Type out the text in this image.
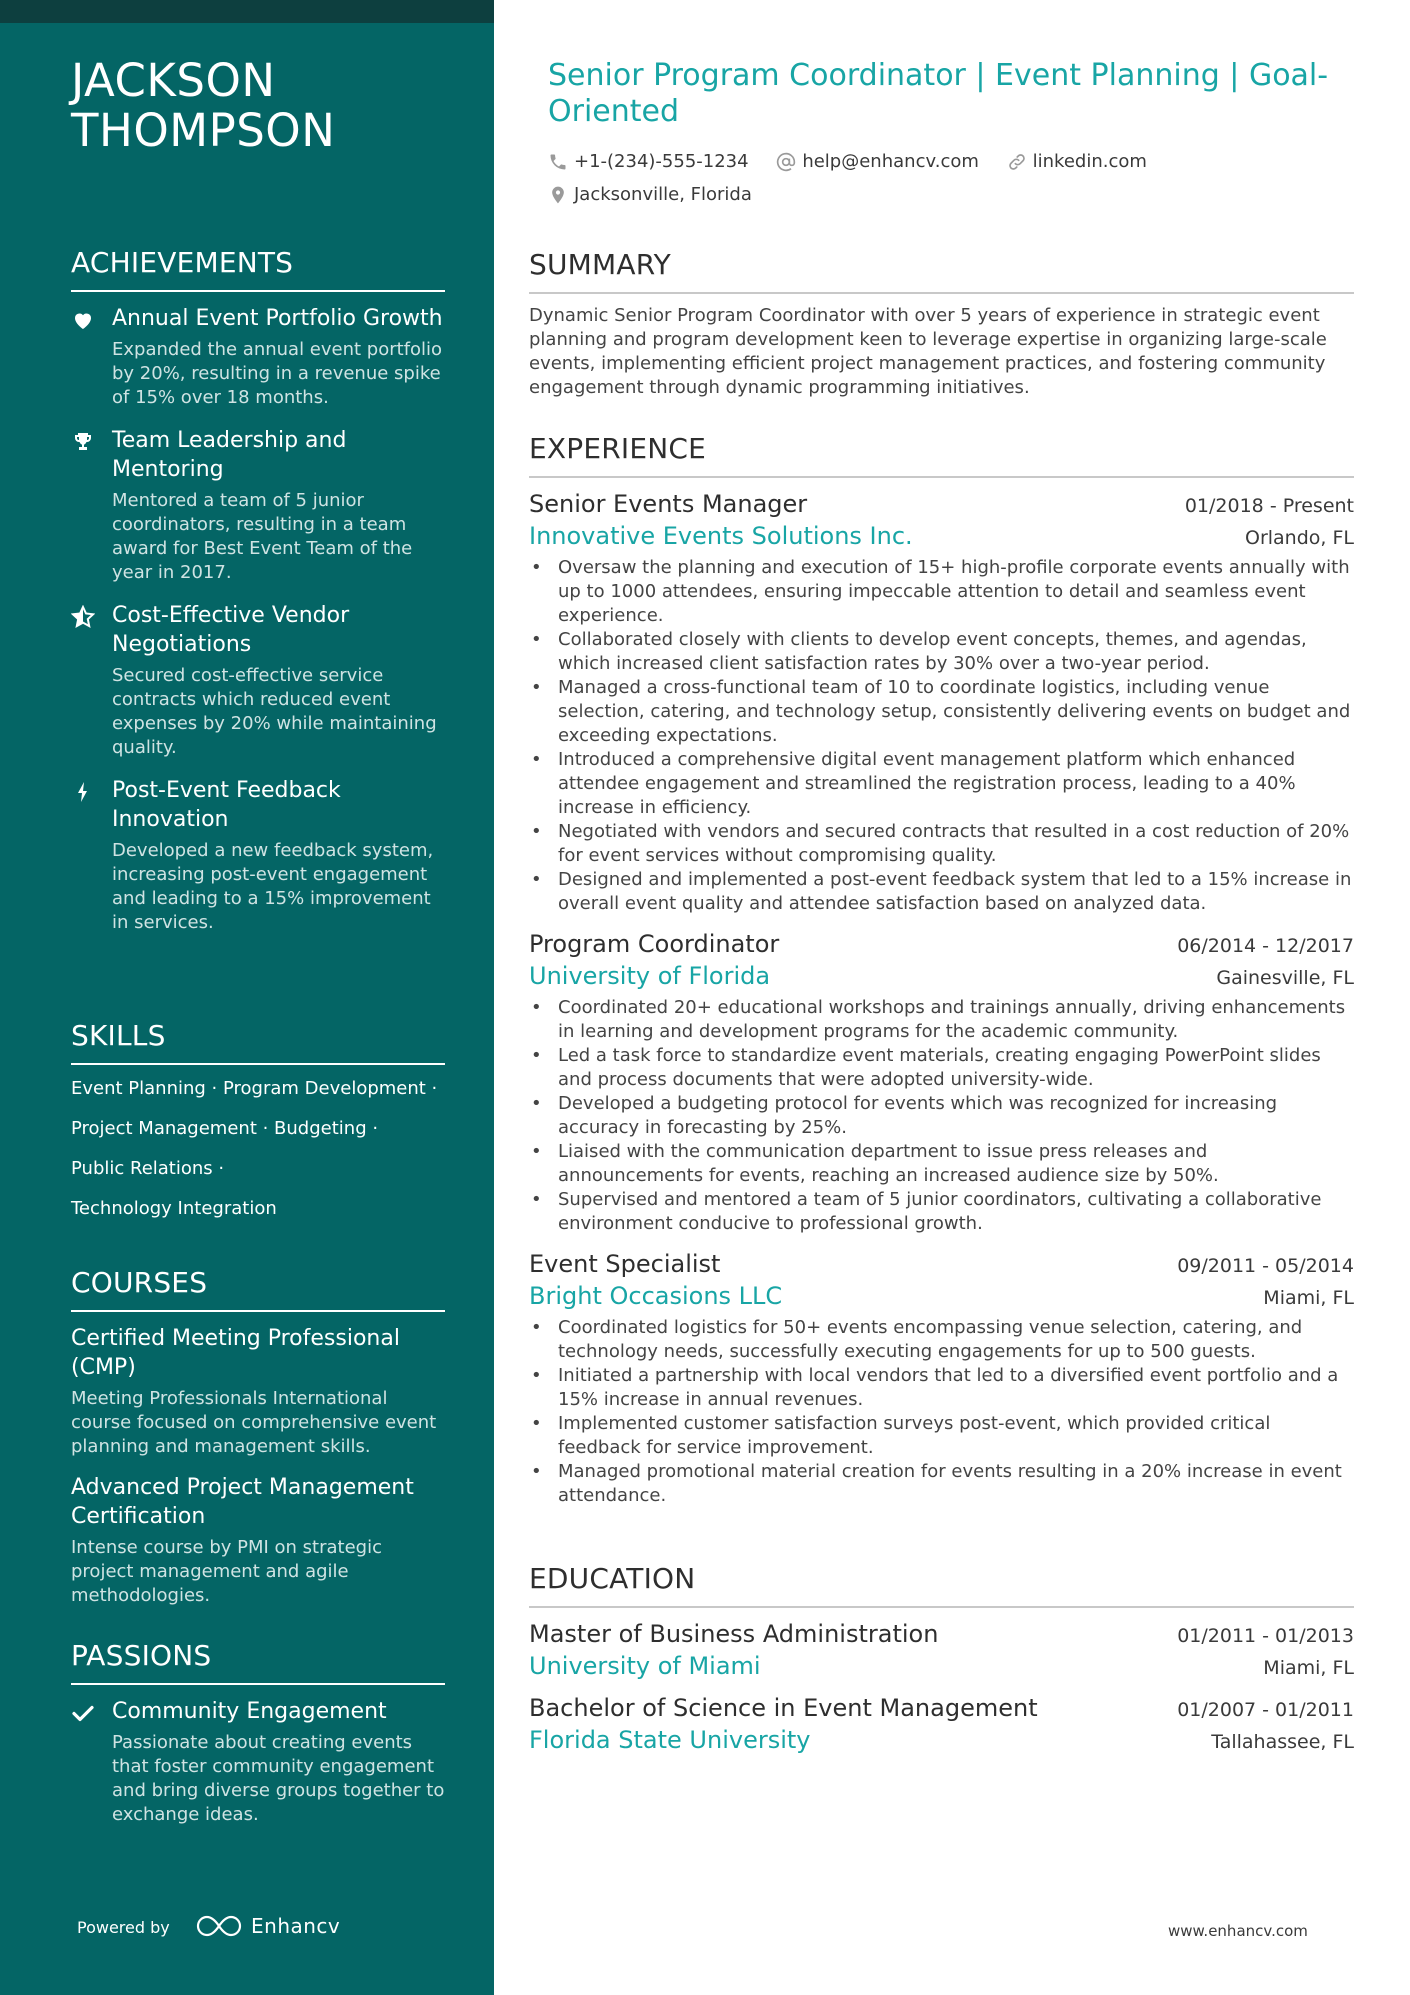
JACKSON
THOMPSON
ACHIEVEMENTS
Annual Event Portfolio Growth
Expanded the annual event portfolio by 20%, resulting in a revenue spike of 15% over 18 months.
Team Leadership and Mentoring
Mentored a team of 5 junior coordinators, resulting in a team award for Best Event Team of the year in 2017.
Cost-Effective Vendor Negotiations
Secured cost-effective service contracts which reduced event expenses by 20% while maintaining quality.
Post-Event Feedback Innovation
Developed a new feedback system, increasing post-event engagement and leading to a 15% improvement in services.
SKILLS
Event Planning · Program Development ·
Project Management · Budgeting ·
Public Relations ·
Technology Integration
COURSES
Certified Meeting Professional (CMP)
Meeting Professionals International course focused on comprehensive event planning and management skills.
Advanced Project Management Certification
Intense course by PMI on strategic project management and agile methodologies.
PASSIONS
Community Engagement
Passionate about creating events that foster community engagement and bring diverse groups together to exchange ideas.
Powered by	Enhancv
Senior Program Coordinator | Event Planning | Goal-Oriented
+1-(234)-555-1234
	help@enhancv.com
	linkedin.com

Jacksonville, Florida
SUMMARY
Dynamic Senior Program Coordinator with over 5 years of experience in strategic event planning and program development keen to leverage expertise in organizing large-scale events, implementing efficient project management practices, and fostering community engagement through dynamic programming initiatives.
EXPERIENCE
Senior Events Manager	01/2018 - Present
Innovative Events Solutions Inc.	Orlando, FL
• Oversaw the planning and execution of 15+ high-profile corporate events annually with up to 1000 attendees, ensuring impeccable attention to detail and seamless event experience.
• Collaborated closely with clients to develop event concepts, themes, and agendas, which increased client satisfaction rates by 30% over a two-year period.
• Managed a cross-functional team of 10 to coordinate logistics, including venue selection, catering, and technology setup, consistently delivering events on budget and exceeding expectations.
• Introduced a comprehensive digital event management platform which enhanced attendee engagement and streamlined the registration process, leading to a 40% increase in efficiency.
• Negotiated with vendors and secured contracts that resulted in a cost reduction of 20% for event services without compromising quality.
• Designed and implemented a post-event feedback system that led to a 15% increase in overall event quality and attendee satisfaction based on analyzed data.
Program Coordinator	06/2014 - 12/2017
University of Florida	Gainesville, FL
• Coordinated 20+ educational workshops and trainings annually, driving enhancements in learning and development programs for the academic community.
• Led a task force to standardize event materials, creating engaging PowerPoint slides and process documents that were adopted university-wide.
• Developed a budgeting protocol for events which was recognized for increasing accuracy in forecasting by 25%.
• Liaised with the communication department to issue press releases and announcements for events, reaching an increased audience size by 50%.
• Supervised and mentored a team of 5 junior coordinators, cultivating a collaborative environment conducive to professional growth.
Event Specialist	09/2011 - 05/2014
Bright Occasions LLC	Miami, FL
• Coordinated logistics for 50+ events encompassing venue selection, catering, and technology needs, successfully executing engagements for up to 500 guests.
• Initiated a partnership with local vendors that led to a diversified event portfolio and a 15% increase in annual revenues.
• Implemented customer satisfaction surveys post-event, which provided critical feedback for service improvement.
• Managed promotional material creation for events resulting in a 20% increase in event attendance.
EDUCATION
Master of Business Administration	01/2011 - 01/2013
University of Miami	Miami, FL
Bachelor of Science in Event Management	01/2007 - 01/2011
Florida State University	Tallahassee, FL
www.enhancv.com
